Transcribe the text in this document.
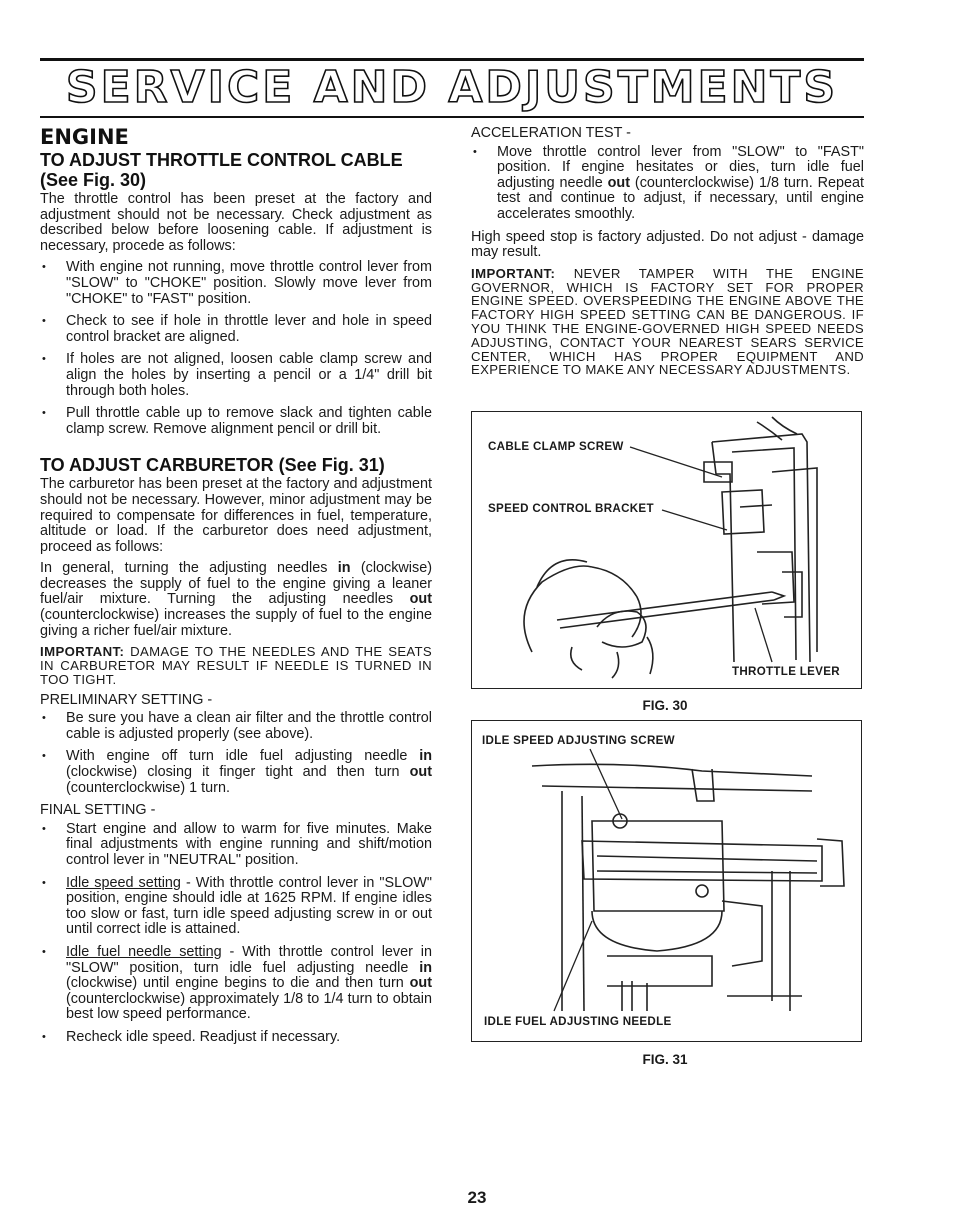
SERVICE AND ADJUSTMENTS
ENGINE
TO ADJUST THROTTLE CONTROL CABLE
(See Fig. 30)

The throttle control has been preset at the factory and adjustment should not be necessary. Check adjustment as described below before loosening cable. If adjustment is necessary, procede as follows:

• With engine not running, move throttle control lever from "SLOW" to "CHOKE" position. Slowly move lever from "CHOKE" to "FAST" position.
• Check to see if hole in throttle lever and hole in speed control bracket are aligned.
• If holes are not aligned, loosen cable clamp screw and align the holes by inserting a pencil or a 1/4" drill bit through both holes.
• Pull throttle cable up to remove slack and tighten cable clamp screw. Remove alignment pencil or drill bit.
TO ADJUST CARBURETOR (See Fig. 31)

The carburetor has been preset at the factory and adjustment should not be necessary. However, minor adjustment may be required to compensate for differences in fuel, temperature, altitude or load. If the carburetor does need adjustment, proceed as follows:

In general, turning the adjusting needles in (clockwise) decreases the supply of fuel to the engine giving a leaner fuel/air mixture. Turning the adjusting needles out (counterclockwise) increases the supply of fuel to the engine giving a richer fuel/air mixture.

IMPORTANT: DAMAGE TO THE NEEDLES AND THE SEATS IN CARBURETOR MAY RESULT IF NEEDLE IS TURNED IN TOO TIGHT.

PRELIMINARY SETTING -

• Be sure you have a clean air filter and the throttle control cable is adjusted properly (see above).
• With engine off turn idle fuel adjusting needle in (clockwise) closing it finger tight and then turn out (counterclockwise) 1 turn.

FINAL SETTING -

• Start engine and allow to warm for five minutes. Make final adjustments with engine running and shift/motion control lever in "NEUTRAL" position.
• Idle speed setting - With throttle control lever in "SLOW" position, engine should idle at 1625 RPM. If engine idles too slow or fast, turn idle speed adjusting screw in or out until correct idle is attained.
• Idle fuel needle setting - With throttle control lever in "SLOW" position, turn idle fuel adjusting needle in (clockwise) until engine begins to die and then turn out (counterclockwise) approximately 1/8 to 1/4 turn to obtain best low speed performance.
• Recheck idle speed. Readjust if necessary.

ACCELERATION TEST -

• Move throttle control lever from "SLOW" to "FAST" position. If engine hesitates or dies, turn idle fuel adjusting needle out (counterclockwise) 1/8 turn. Repeat test and continue to adjust, if necessary, until engine accelerates smoothly.

High speed stop is factory adjusted. Do not adjust - damage may result.

IMPORTANT: NEVER TAMPER WITH THE ENGINE GOVERNOR, WHICH IS FACTORY SET FOR PROPER ENGINE SPEED. OVERSPEEDING THE ENGINE ABOVE THE FACTORY HIGH SPEED SETTING CAN BE DANGEROUS. IF YOU THINK THE ENGINE-GOVERNED HIGH SPEED NEEDS ADJUSTING, CONTACT YOUR NEAREST SEARS SERVICE CENTER, WHICH HAS PROPER EQUIPMENT AND EXPERIENCE TO MAKE ANY NECESSARY ADJUSTMENTS.

CABLE CLAMP SCREW
SPEED CONTROL BRACKET
THROTTLE LEVER
FIG. 30
IDLE SPEED ADJUSTING SCREW
IDLE FUEL ADJUSTING NEEDLE
FIG. 31
23
